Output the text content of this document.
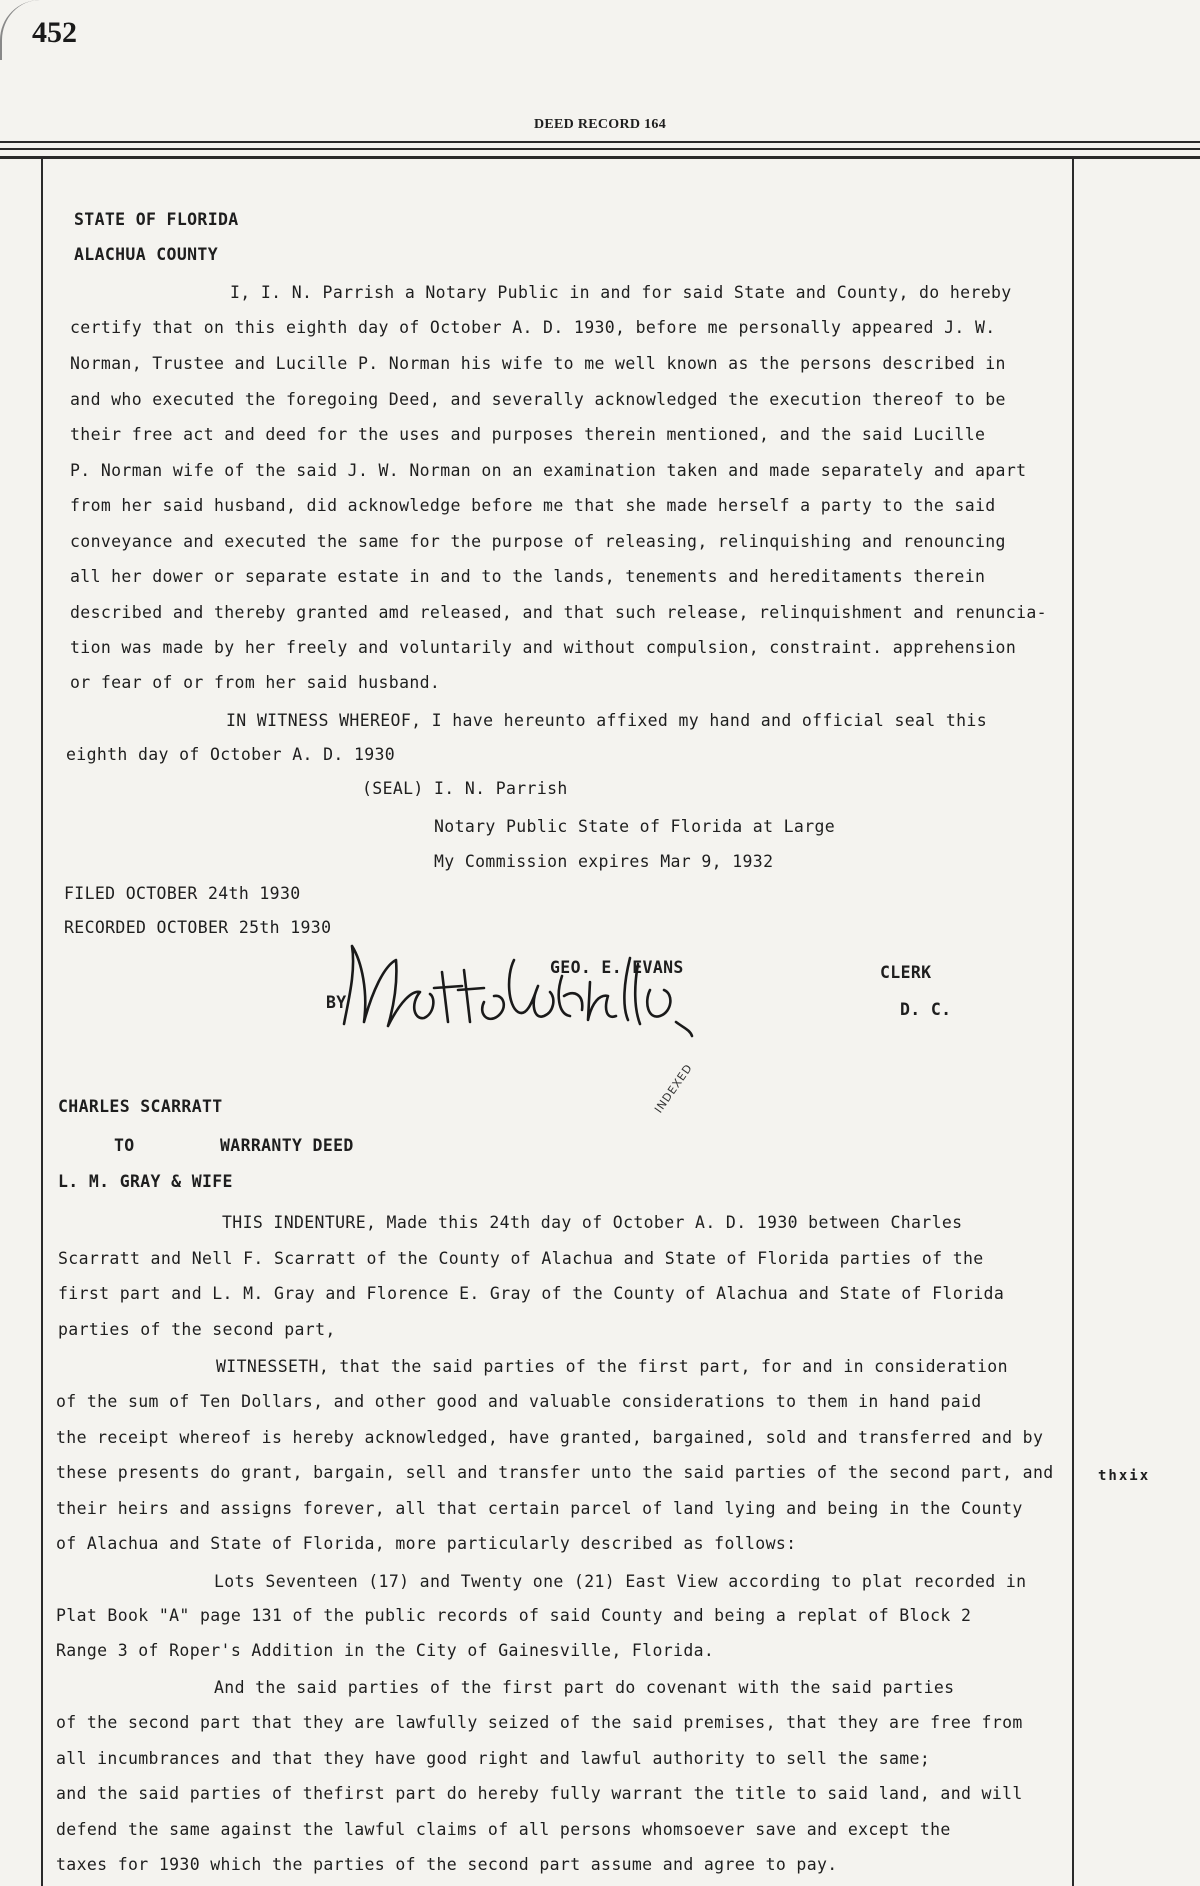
452
DEED RECORD 164
STATE OF FLORIDA
ALACHUA COUNTY
I, I. N. Parrish a Notary Public in and for said State and County, do hereby
certify that on this eighth day of October A. D. 1930, before me personally appeared J. W.
Norman, Trustee and Lucille P. Norman his wife to me well known as the persons described in
and who executed the foregoing Deed, and severally acknowledged the execution thereof to be
their free act and deed for the uses and purposes therein mentioned, and the said Lucille
P. Norman wife of the said J. W. Norman on an examination taken and made separately and apart
from her said husband, did acknowledge before me that she made herself a party to the said
conveyance and executed the same for the purpose of releasing, relinquishing and renouncing
all her dower or separate estate in and to the lands, tenements and hereditaments therein
described and thereby granted amd released, and that such release, relinquishment and renuncia-
tion was made by her freely and voluntarily and without compulsion, constraint. apprehension
or fear of or from her said husband.
IN WITNESS WHEREOF, I have hereunto affixed my hand and official seal this
eighth day of October A. D. 1930
(SEAL) I. N. Parrish
Notary Public State of Florida at Large
My Commission expires Mar 9, 1932
FILED OCTOBER 24th 1930
RECORDED OCTOBER 25th 1930
GEO. E. EVANS	CLERK
BY	D. C.
CHARLES SCARRATT
TO	WARRANTY DEED
L. M. GRAY & WIFE
INDEXED
THIS INDENTURE, Made this 24th day of October A. D. 1930 between Charles
Scarratt and Nell F. Scarratt of the County of Alachua and State of Florida parties of the
first part and L. M. Gray and Florence E. Gray of the County of Alachua and State of Florida
parties of the second part,
WITNESSETH, that the said parties of the first part, for and in consideration
of the sum of Ten Dollars, and other good and valuable considerations to them in hand paid
the receipt whereof is hereby acknowledged, have granted, bargained, sold and transferred and by
these presents do grant, bargain, sell and transfer unto the said parties of the second part, and
their heirs and assigns forever, all that certain parcel of land lying and being in the County
of Alachua and State of Florida, more particularly described as follows:
thxix
Lots Seventeen (17) and Twenty one (21) East View according to plat recorded in
Plat Book "A" page 131 of the public records of said County and being a replat of Block 2
Range 3 of Roper's Addition in the City of Gainesville, Florida.
And the said parties of the first part do covenant with the said parties
of the second part that they are lawfully seized of the said premises, that they are free from
all incumbrances and that they have good right and lawful authority to sell the same;
and the said parties of thefirst part do hereby fully warrant the title to said land, and will
defend the same against the lawful claims of all persons whomsoever save and except the
taxes for 1930 which the parties of the second part assume and agree to pay.
